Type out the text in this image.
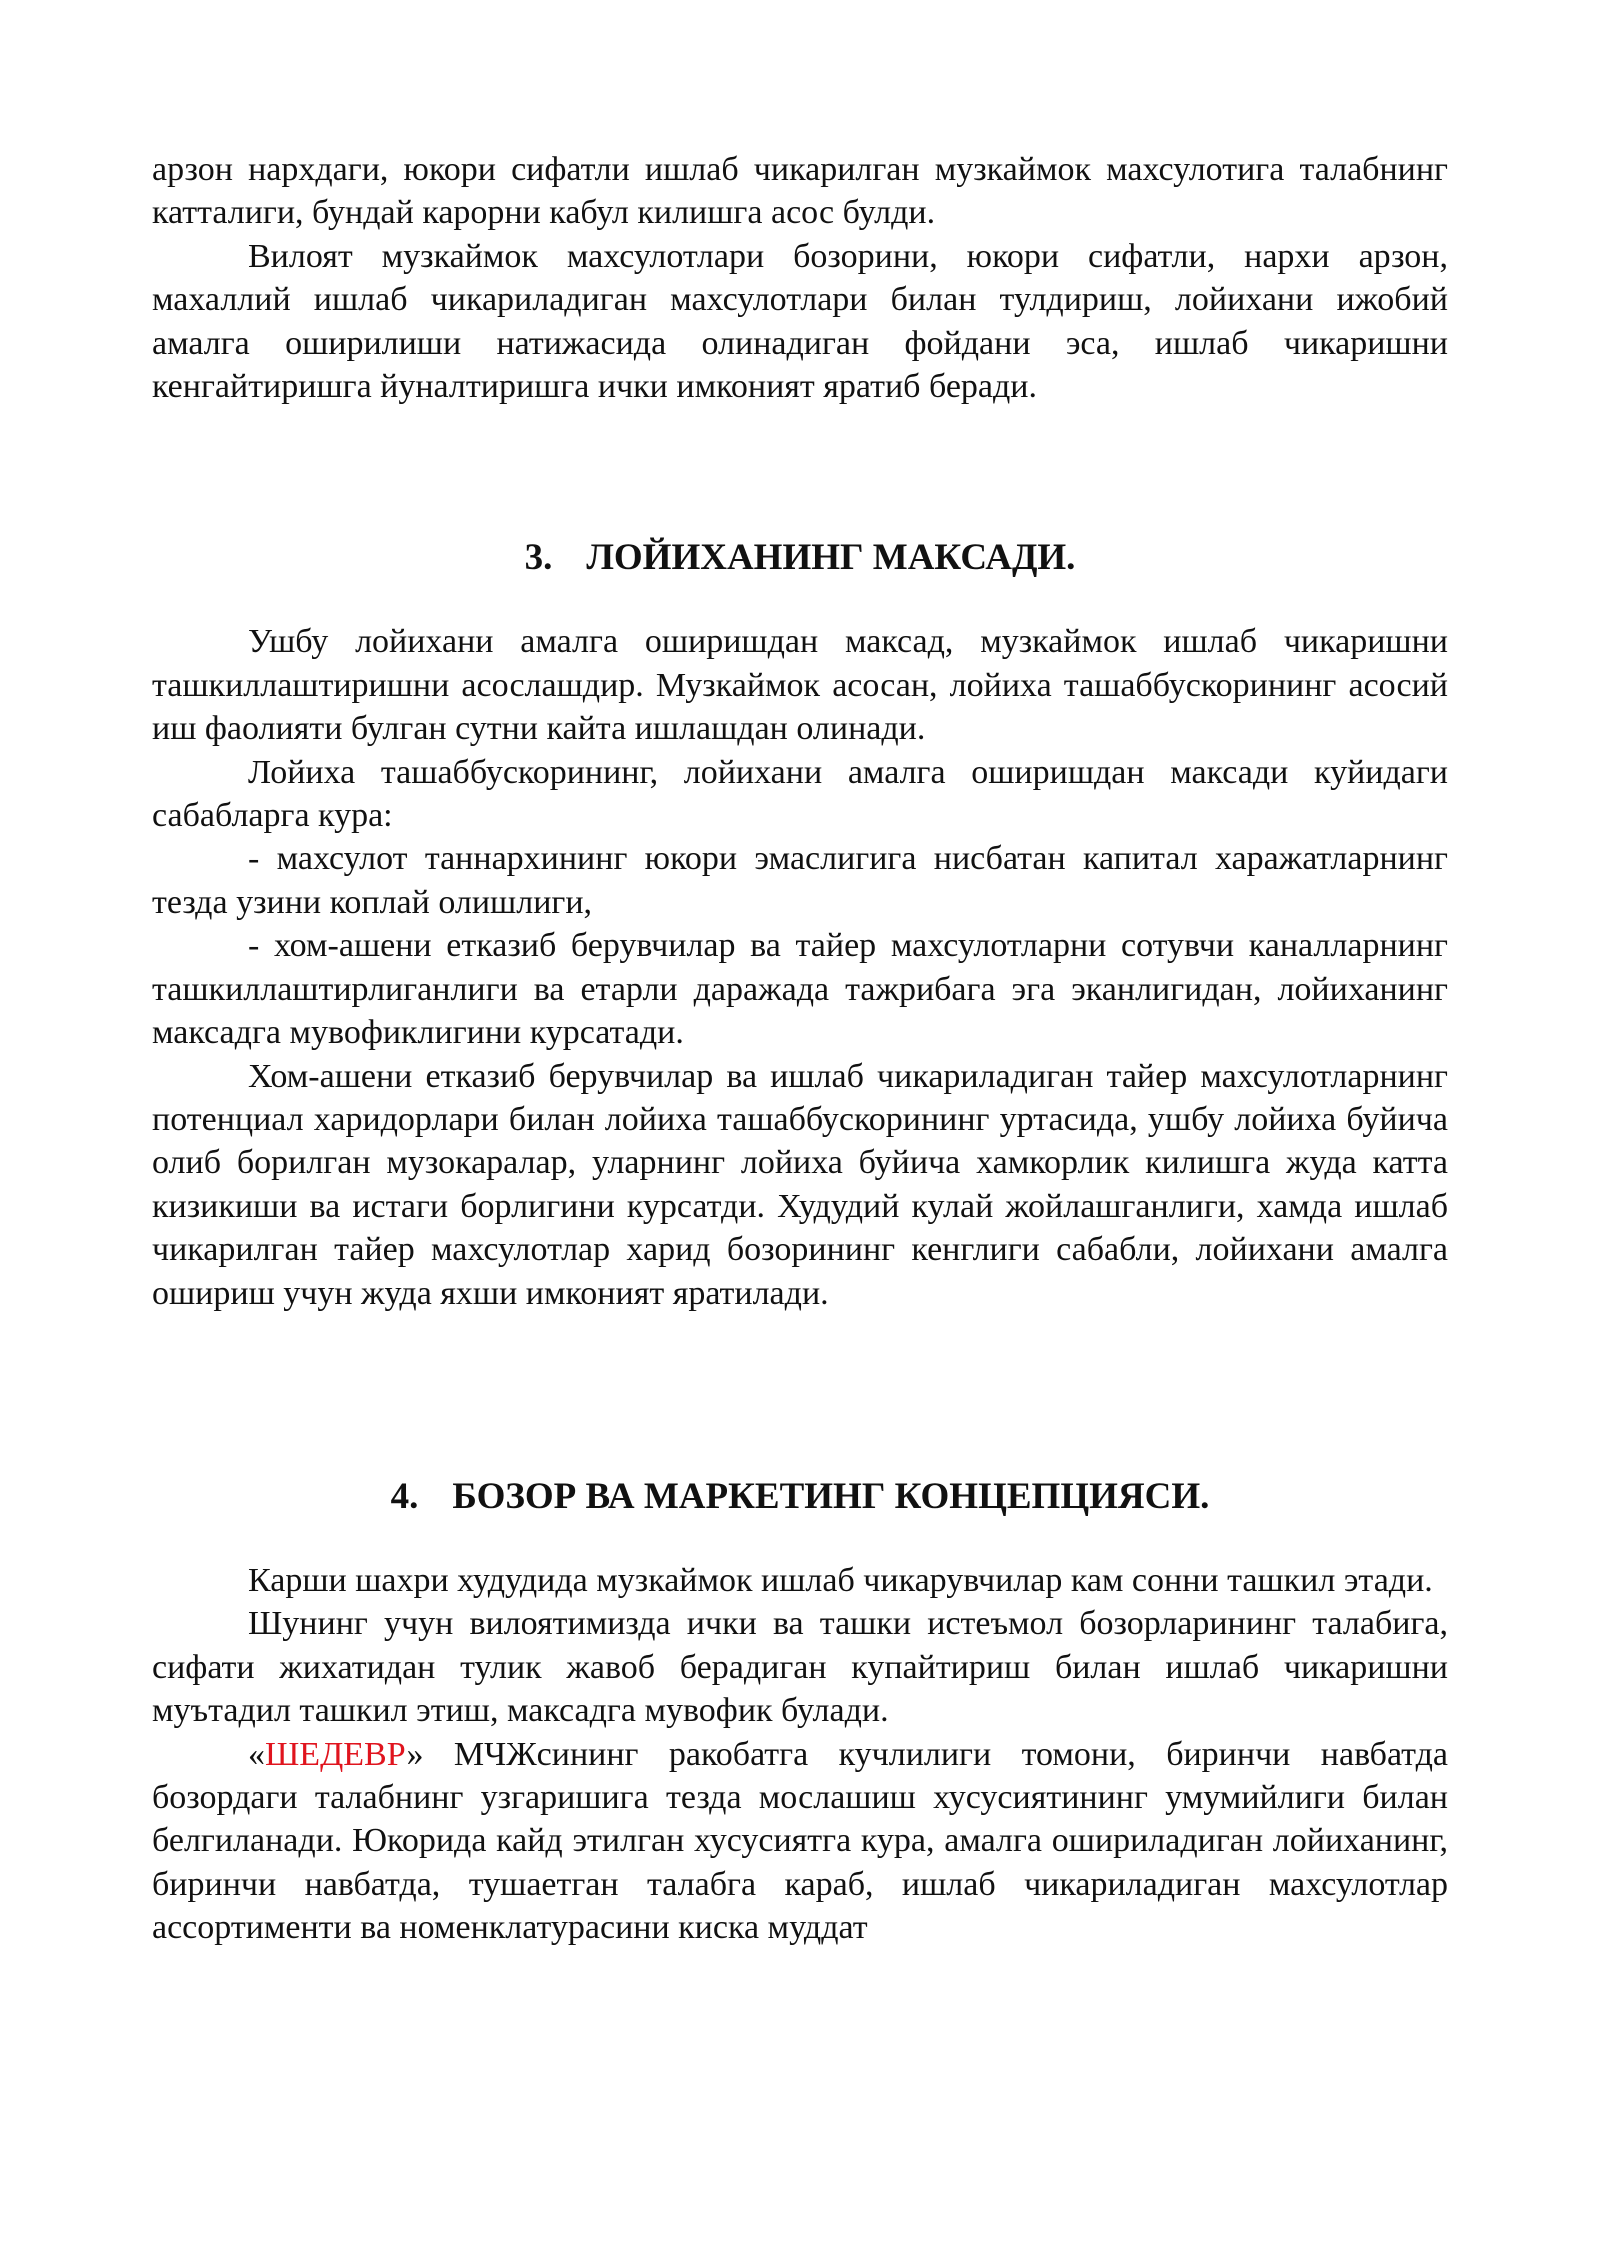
арзон нархдаги, юкори сифатли ишлаб чикарилган музкаймок махсулотига талабнинг катталиги, бундай карорни кабул килишга асос булди.

Вилоят музкаймок махсулотлари бозорини, юкори сифатли, нархи арзон, махаллий ишлаб чикариладиган махсулотлари билан тулдириш, лойихани ижобий амалга оширилиши натижасида олинадиган фойдани эса, ишлаб чикаришни кенгайтиришга йуналтиришга ички имконият яратиб беради.

3. ЛОЙИХАНИНГ МАКСАДИ.

Ушбу лойихани амалга оширишдан максад, музкаймок ишлаб чикаришни ташкиллаштиришни асослашдир. Музкаймок асосан, лойиха ташаббускорининг асосий иш фаолияти булган сутни кайта ишлашдан олинади.

Лойиха ташаббускорининг, лойихани амалга оширишдан максади куйидаги сабабларга кура:

- махсулот таннархининг юкори эмаслигига нисбатан капитал харажатларнинг тезда узини коплай олишлиги,

- хом-ашени етказиб берувчилар ва тайер махсулотларни сотувчи каналларнинг ташкиллаштирлиганлиги ва етарли даражада тажрибага эга эканлигидан, лойиханинг максадга мувофиклигини курсатади.

Хом-ашени етказиб берувчилар ва ишлаб чикариладиган тайер махсулотларнинг потенциал харидорлари билан лойиха ташаббускорининг уртасида, ушбу лойиха буйича олиб борилган музокаралар, уларнинг лойиха буйича хамкорлик килишга жуда катта кизикиши ва истаги борлигини курсатди. Худудий кулай жойлашганлиги, хамда ишлаб чикарилган тайер махсулотлар харид бозорининг кенглиги сабабли, лойихани амалга ошириш учун жуда яхши имконият яратилади.

4. БОЗОР ВА МАРКЕТИНГ КОНЦЕПЦИЯСИ.

Карши шахри худудида музкаймок ишлаб чикарувчилар кам сонни ташкил этади.

Шунинг учун вилоятимизда ички ва ташки истеъмол бозорларининг талабига, сифати жихатидан тулик жавоб берадиган купайтириш билан ишлаб чикаришни муътадил ташкил этиш, максадга мувофик булади.

«ШЕДЕВР» МЧЖсининг ракобатга кучлилиги томони, биринчи навбатда бозордаги талабнинг узгаришига тезда мослашиш хусусиятининг умумийлиги билан белгиланади. Юкорида кайд этилган хусусиятга кура, амалга ошириладиган лойиханинг, биринчи навбатда, тушаетган талабга караб, ишлаб чикариладиган махсулотлар ассортименти ва номенклатурасини киска муддат
